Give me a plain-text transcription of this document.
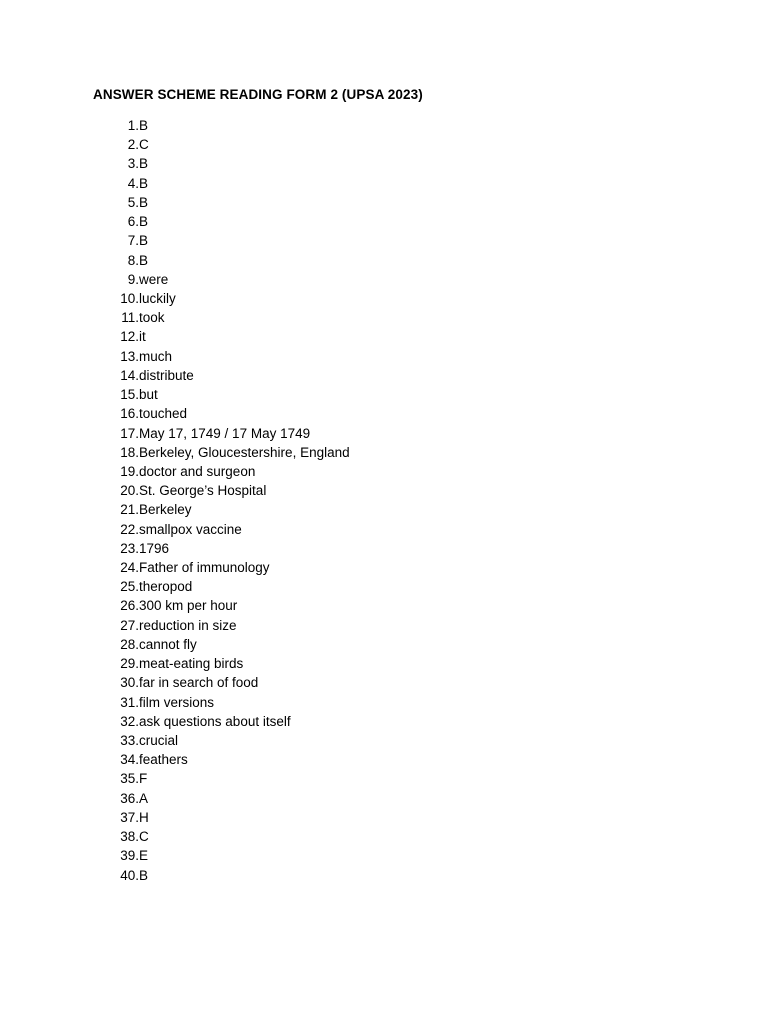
ANSWER SCHEME READING FORM 2 (UPSA 2023)
1. B
2. C
3. B
4. B
5. B
6. B
7. B
8. B
9. were
10. luckily
11. took
12. it
13. much
14. distribute
15. but
16. touched
17. May 17, 1749 / 17 May 1749
18. Berkeley, Gloucestershire, England
19. doctor and surgeon
20. St. George’s Hospital
21. Berkeley
22. smallpox vaccine
23. 1796
24. Father of immunology
25. theropod
26. 300 km per hour
27. reduction in size
28. cannot fly
29. meat-eating birds
30. far in search of food
31. film versions
32. ask questions about itself
33. crucial
34. feathers
35. F
36. A
37. H
38. C
39. E
40. B
